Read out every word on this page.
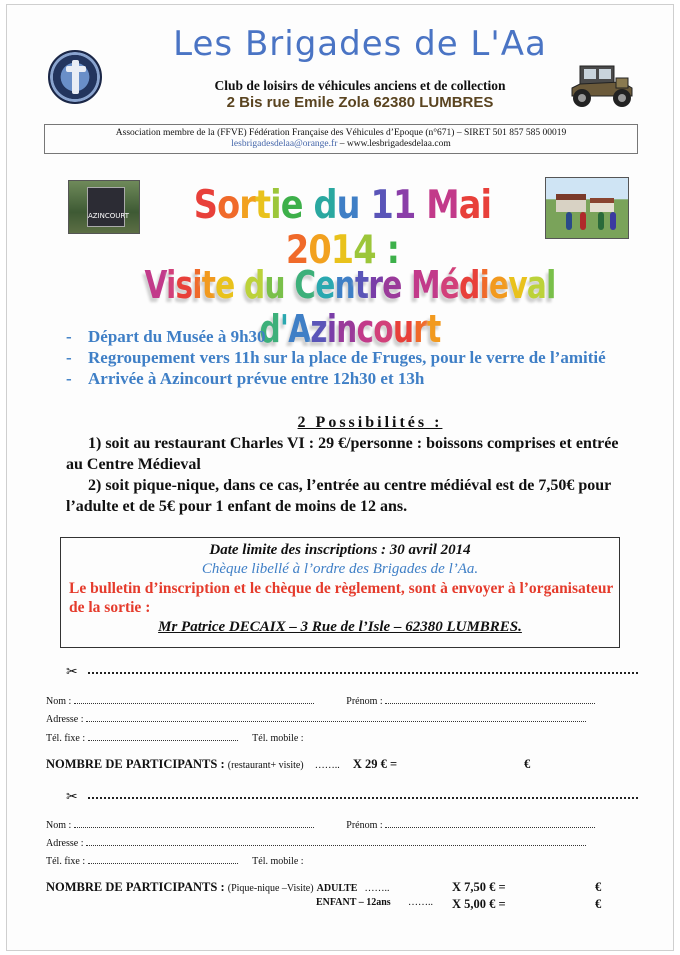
Les Brigades de L'Aa
Club de loisirs de véhicules anciens et de collection
2 Bis rue Emile Zola 62380 LUMBRES
Association membre de la (FFVE) Fédération Française des Véhicules d’Epoque (n°671) – SIRET 501 857 585 00019
lesbrigadesdelaa@orange.fr – www.lesbrigadesdelaa.com
AZINCOURT	Sortie du 11 Mai 2014 :
Visite du Centre Médieval d'Azincourt
- Départ du Musée à 9h30
- Regroupement vers 11h sur la place de Fruges, pour le verre de l’amitié
- Arrivée à Azincourt prévue entre 12h30 et 13h
2 Possibilités :

1) soit au restaurant Charles VI : 29 €/personne : boissons comprises et entrée au Centre Médieval

2) soit pique-nique, dans ce cas, l’entrée au centre médiéval est de 7,50€ pour l’adulte et de 5€ pour 1 enfant de moins de 12 ans.

Date limite des inscriptions : 30 avril 2014
Chèque libellé à l’ordre des Brigades de l’Aa.
Le bulletin d’inscription et le chèque de règlement, sont à envoyer à l’organisateur de la sortie :
Mr Patrice DECAIX – 3 Rue de l’Isle – 62380 LUMBRES.
✂
Nom :	Prénom :
Adresse :
Tél. fixe :	Tél. mobile :
NOMBRE DE PARTICIPANTS : (restaurant+ visite) …….. X 29 € =	€
✂
Nom :	Prénom :
Adresse :
Tél. fixe :	Tél. mobile :
NOMBRE DE PARTICIPANTS : (Pique-nique –Visite) ADULTE ……..	X 7,50 € =	€
ENFANT – 12ans …….. X 5,00 € =	€
